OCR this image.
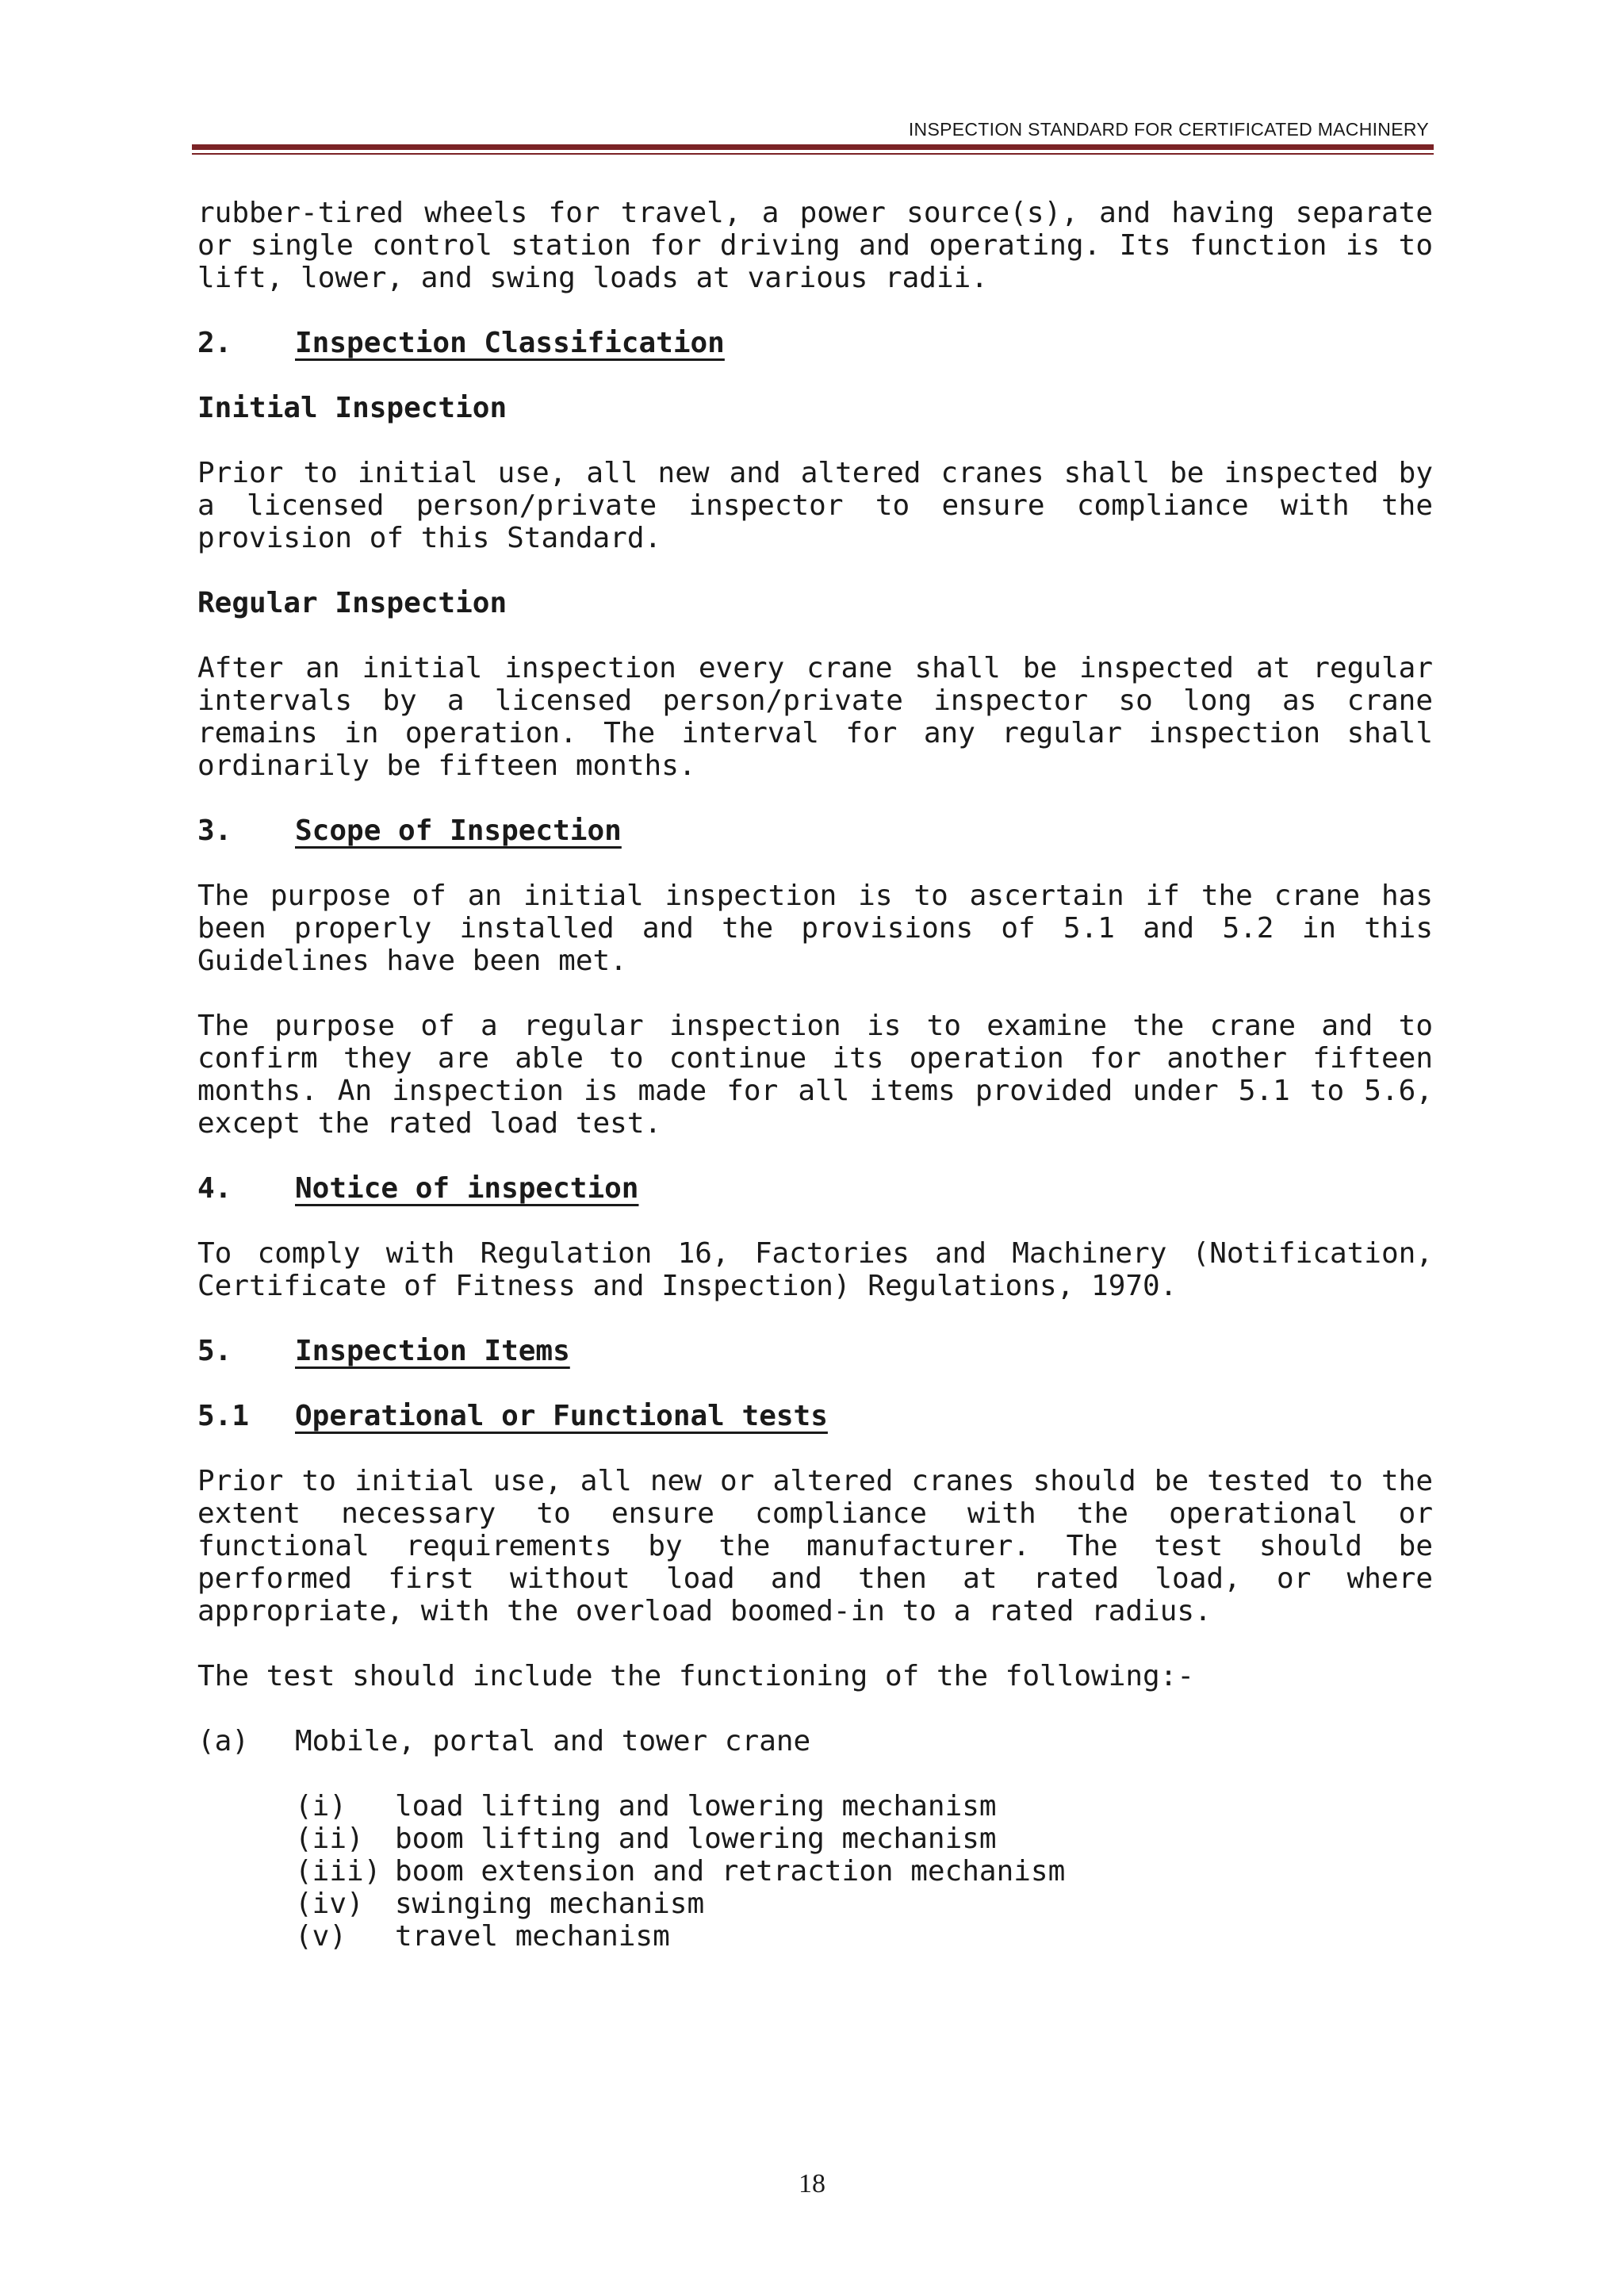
INSPECTION STANDARD FOR CERTIFICATED MACHINERY

rubber-tired wheels for travel, a power source(s), and having separate or single control station for driving and operating. Its function is to lift, lower, and swing loads at various radii.

2. Inspection Classification
Initial Inspection

Prior to initial use, all new and altered cranes shall be inspected by a licensed person/private inspector to ensure compliance with the provision of this Standard.

Regular Inspection

After an initial inspection every crane shall be inspected at regular intervals by a licensed person/private inspector so long as crane remains in operation. The interval for any regular inspection shall ordinarily be fifteen months.

3. Scope of Inspection

The purpose of an initial inspection is to ascertain if the crane has been properly installed and the provisions of 5.1 and 5.2 in this Guidelines have been met.

The purpose of a regular inspection is to examine the crane and to confirm they are able to continue its operation for another fifteen months. An inspection is made for all items provided under 5.1 to 5.6, except the rated load test.

4. Notice of inspection

To comply with Regulation 16, Factories and Machinery (Notification, Certificate of Fitness and Inspection) Regulations, 1970.

5. Inspection Items
5.1 Operational or Functional tests

Prior to initial use, all new or altered cranes should be tested to the extent necessary to ensure compliance with the operational or functional requirements by the manufacturer. The test should be performed first without load and then at rated load, or where appropriate, with the overload boomed-in to a rated radius.

The test should include the functioning of the following:-

(a) Mobile, portal and tower crane
(i) load lifting and lowering mechanism
(ii) boom lifting and lowering mechanism
(iii) boom extension and retraction mechanism
(iv) swinging mechanism
(v) travel mechanism
18
